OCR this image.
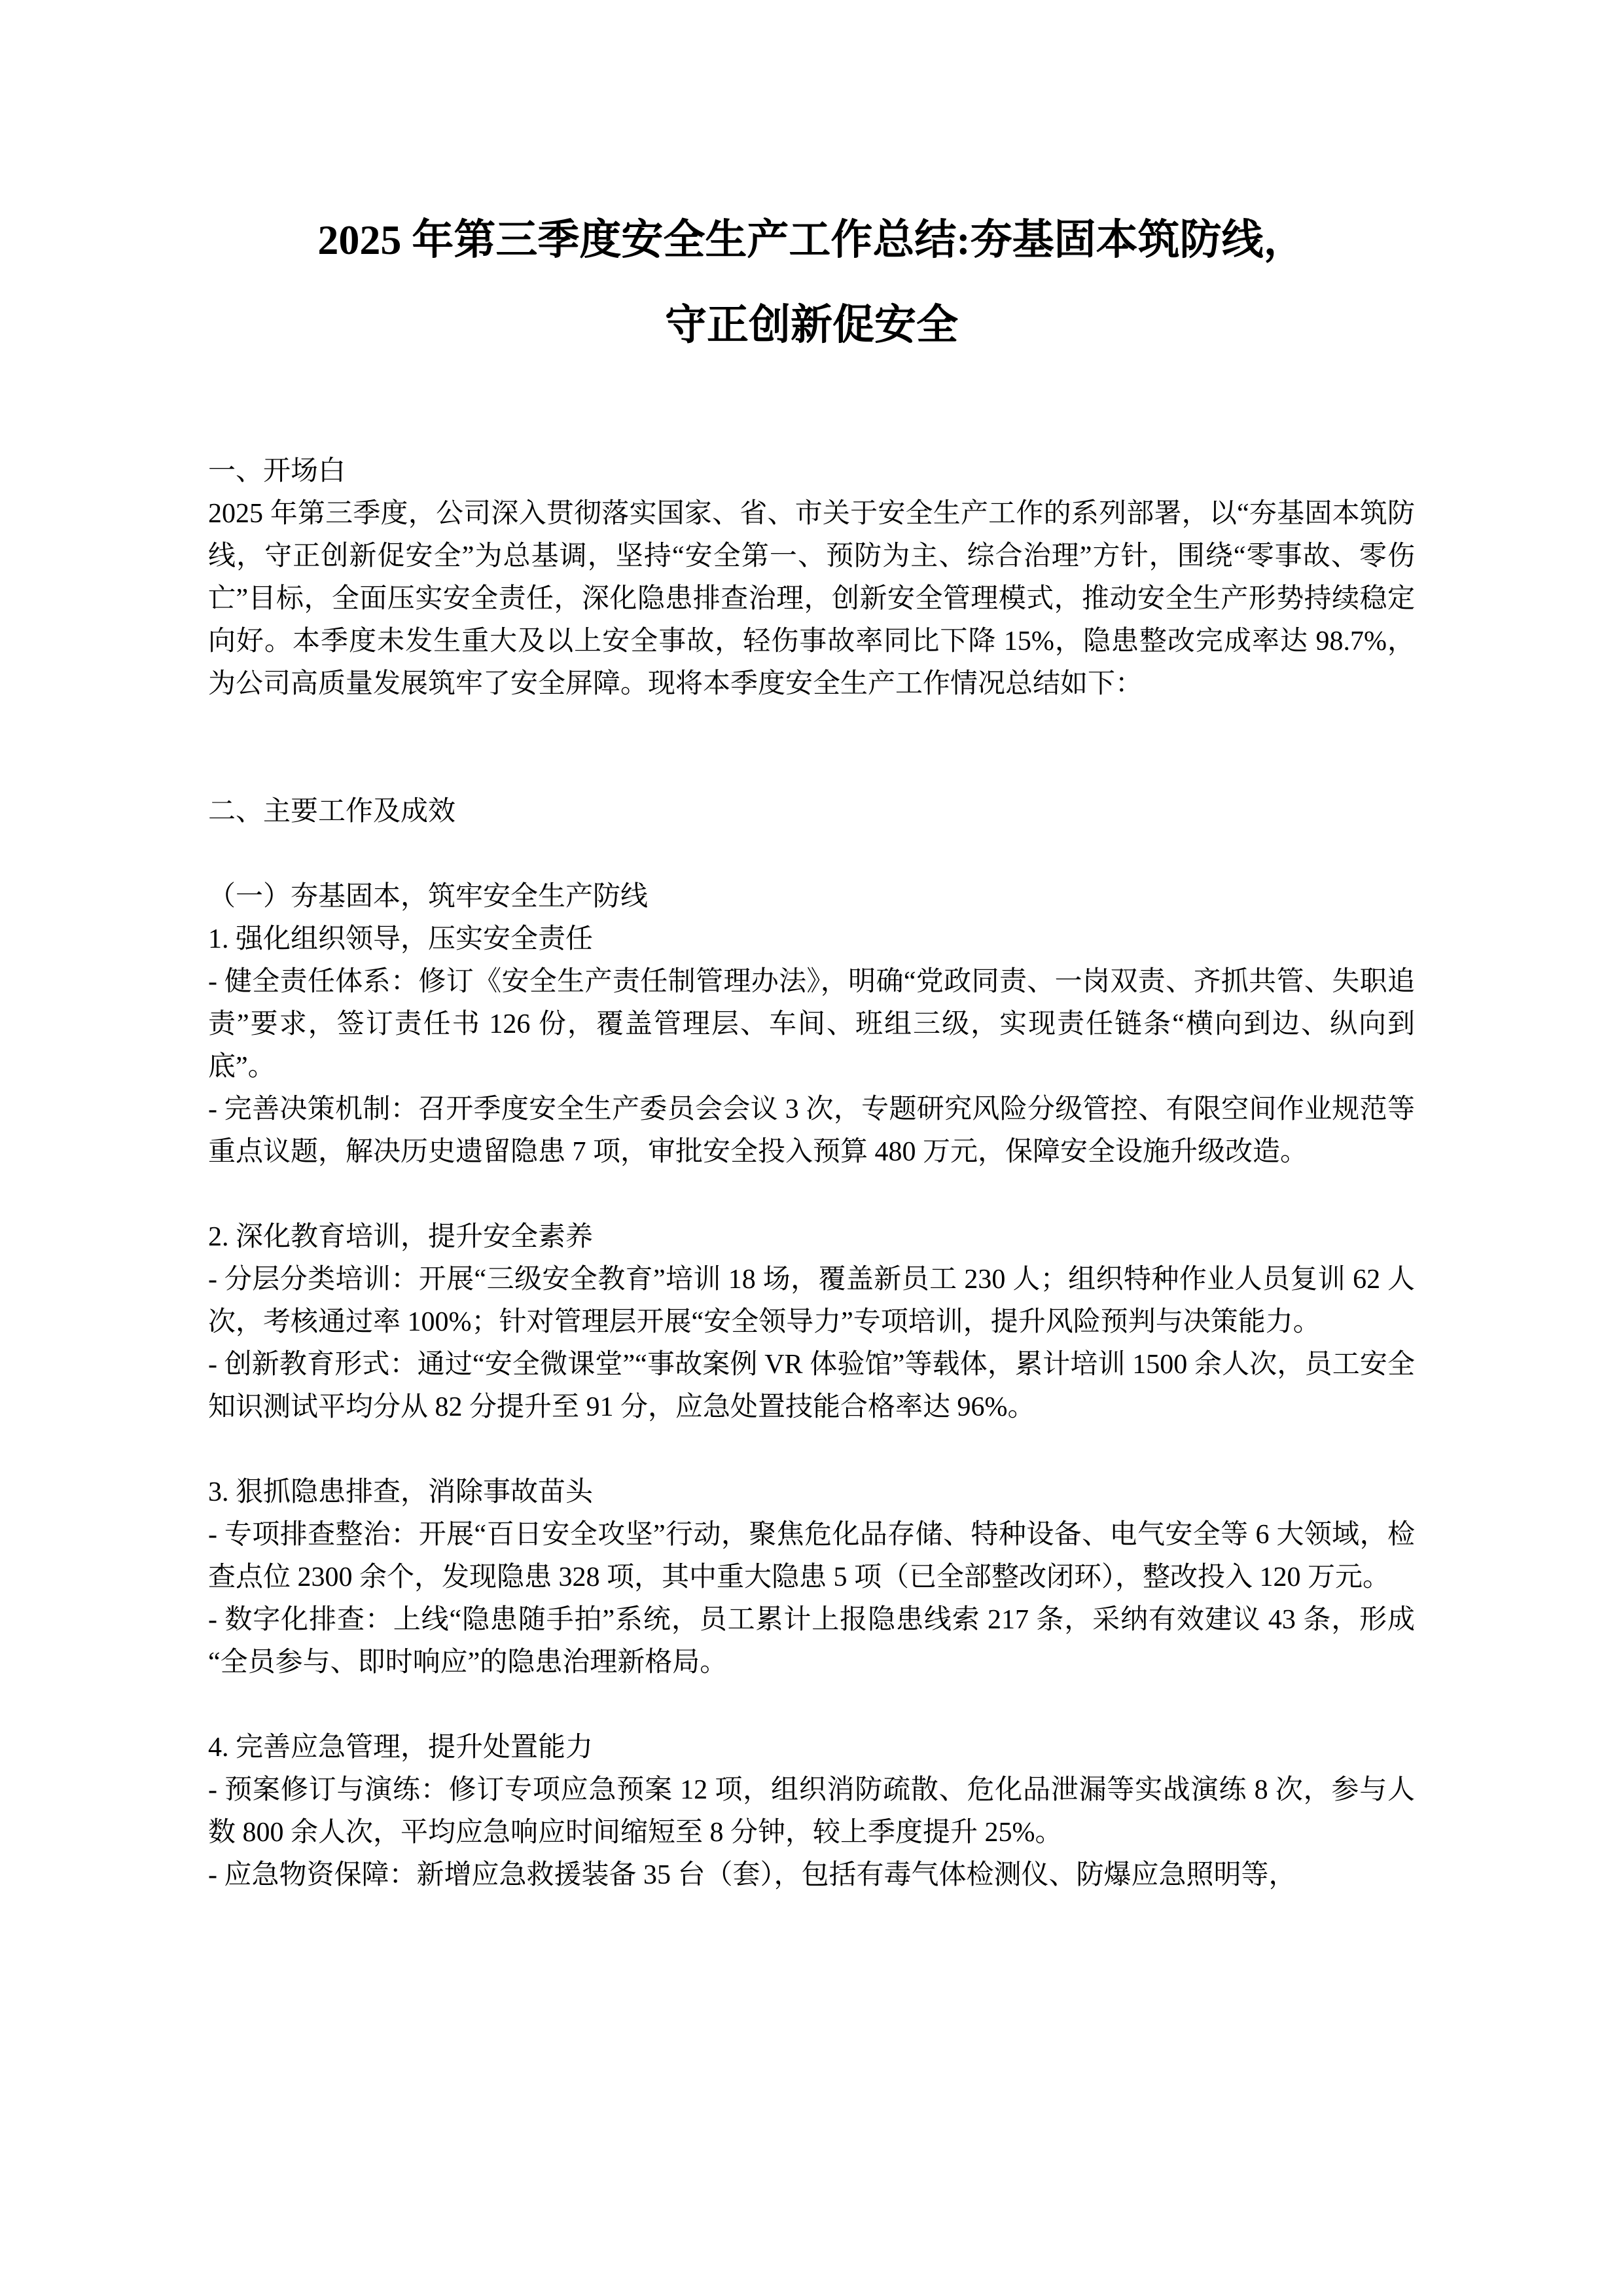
2025 年第三季度安全生产工作总结:夯基固本筑防线，
守正创新促安全
一、开场白

2025 年第三季度，公司深入贯彻落实国家、省、市关于安全生产工作的系列部署，以“夯基固本筑防线，守正创新促安全”为总基调，坚持“安全第一、预防为主、综合治理”方针，围绕“零事故、零伤亡”目标，全面压实安全责任，深化隐患排查治理，创新安全管理模式，推动安全生产形势持续稳定向好。本季度未发生重大及以上安全事故，轻伤事故率同比下降 15%，隐患整改完成率达 98.7%，为公司高质量发展筑牢了安全屏障。现将本季度安全生产工作情况总结如下：

二、主要工作及成效
（一）夯基固本，筑牢安全生产防线
1. 强化组织领导，压实安全责任

- 健全责任体系：修订《安全生产责任制管理办法》，明确“党政同责、一岗双责、齐抓共管、失职追责”要求，签订责任书 126 份，覆盖管理层、车间、班组三级，实现责任链条“横向到边、纵向到底”。

- 完善决策机制：召开季度安全生产委员会会议 3 次，专题研究风险分级管控、有限空间作业规范等重点议题，解决历史遗留隐患 7 项，审批安全投入预算 480 万元，保障安全设施升级改造。

2. 深化教育培训，提升安全素养

- 分层分类培训：开展“三级安全教育”培训 18 场，覆盖新员工 230 人；组织特种作业人员复训 62 人次，考核通过率 100%；针对管理层开展“安全领导力”专项培训，提升风险预判与决策能力。

- 创新教育形式：通过“安全微课堂”“事故案例 VR 体验馆”等载体，累计培训 1500 余人次，员工安全知识测试平均分从 82 分提升至 91 分，应急处置技能合格率达 96%。

3. 狠抓隐患排查，消除事故苗头

- 专项排查整治：开展“百日安全攻坚”行动，聚焦危化品存储、特种设备、电气安全等 6 大领域，检查点位 2300 余个，发现隐患 328 项，其中重大隐患 5 项（已全部整改闭环），整改投入 120 万元。

- 数字化排查：上线“隐患随手拍”系统，员工累计上报隐患线索 217 条，采纳有效建议 43 条，形成“全员参与、即时响应”的隐患治理新格局。

4. 完善应急管理，提升处置能力

- 预案修订与演练：修订专项应急预案 12 项，组织消防疏散、危化品泄漏等实战演练 8 次，参与人数 800 余人次，平均应急响应时间缩短至 8 分钟，较上季度提升 25%。

- 应急物资保障：新增应急救援装备 35 台（套），包括有毒气体检测仪、防爆应急照明等，
